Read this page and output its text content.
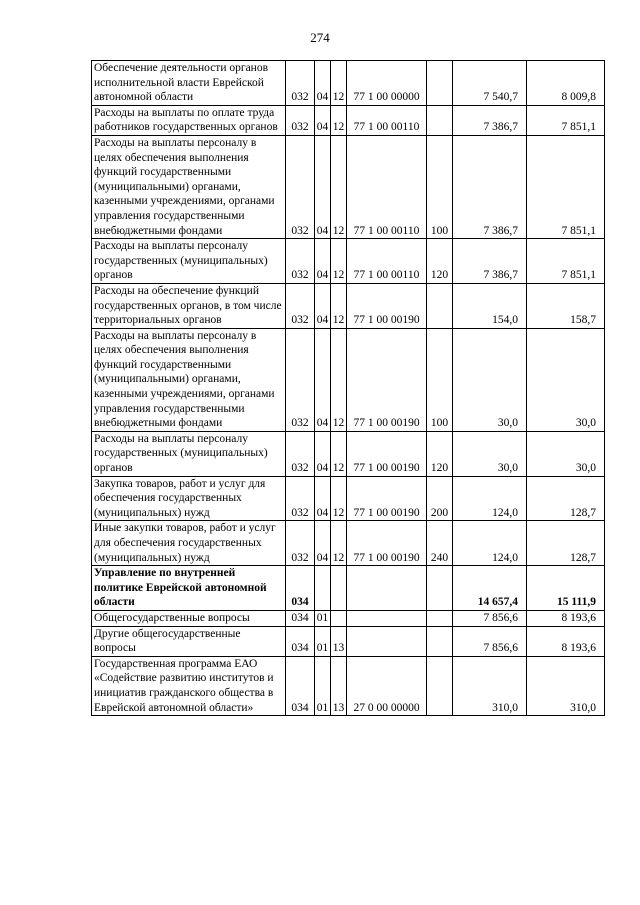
274
Обеспечение деятельности органов исполнительной власти Еврейской автономной области	032	04	12	77 1 00 00000		7 540,7	8 009,8
Расходы на выплаты по оплате труда работников государственных органов	032	04	12	77 1 00 00110		7 386,7	7 851,1
Расходы на выплаты персоналу в целях обеспечения выполнения функций государственными (муниципальными) органами, казенными учреждениями, органами управления государственными внебюджетными фондами	032	04	12	77 1 00 00110	100	7 386,7	7 851,1
Расходы на выплаты персоналу государственных (муниципальных) органов	032	04	12	77 1 00 00110	120	7 386,7	7 851,1
Расходы на обеспечение функций государственных органов, в том числе территориальных органов	032	04	12	77 1 00 00190		154,0	158,7
Расходы на выплаты персоналу в целях обеспечения выполнения функций государственными (муниципальными) органами, казенными учреждениями, органами управления государственными внебюджетными фондами	032	04	12	77 1 00 00190	100	30,0	30,0
Расходы на выплаты персоналу государственных (муниципальных) органов	032	04	12	77 1 00 00190	120	30,0	30,0
Закупка товаров, работ и услуг для обеспечения государственных (муниципальных) нужд	032	04	12	77 1 00 00190	200	124,0	128,7
Иные закупки товаров, работ и услуг для обеспечения государственных (муниципальных) нужд	032	04	12	77 1 00 00190	240	124,0	128,7
Управление по внутренней политике Еврейской автономной области	034					14 657,4	15 111,9
Общегосударственные вопросы	034	01				7 856,6	8 193,6
Другие общегосударственные вопросы	034	01	13			7 856,6	8 193,6
Государственная программа ЕАО «Содействие развитию институтов и инициатив гражданского общества в Еврейской автономной области»	034	01	13	27 0 00 00000		310,0	310,0
